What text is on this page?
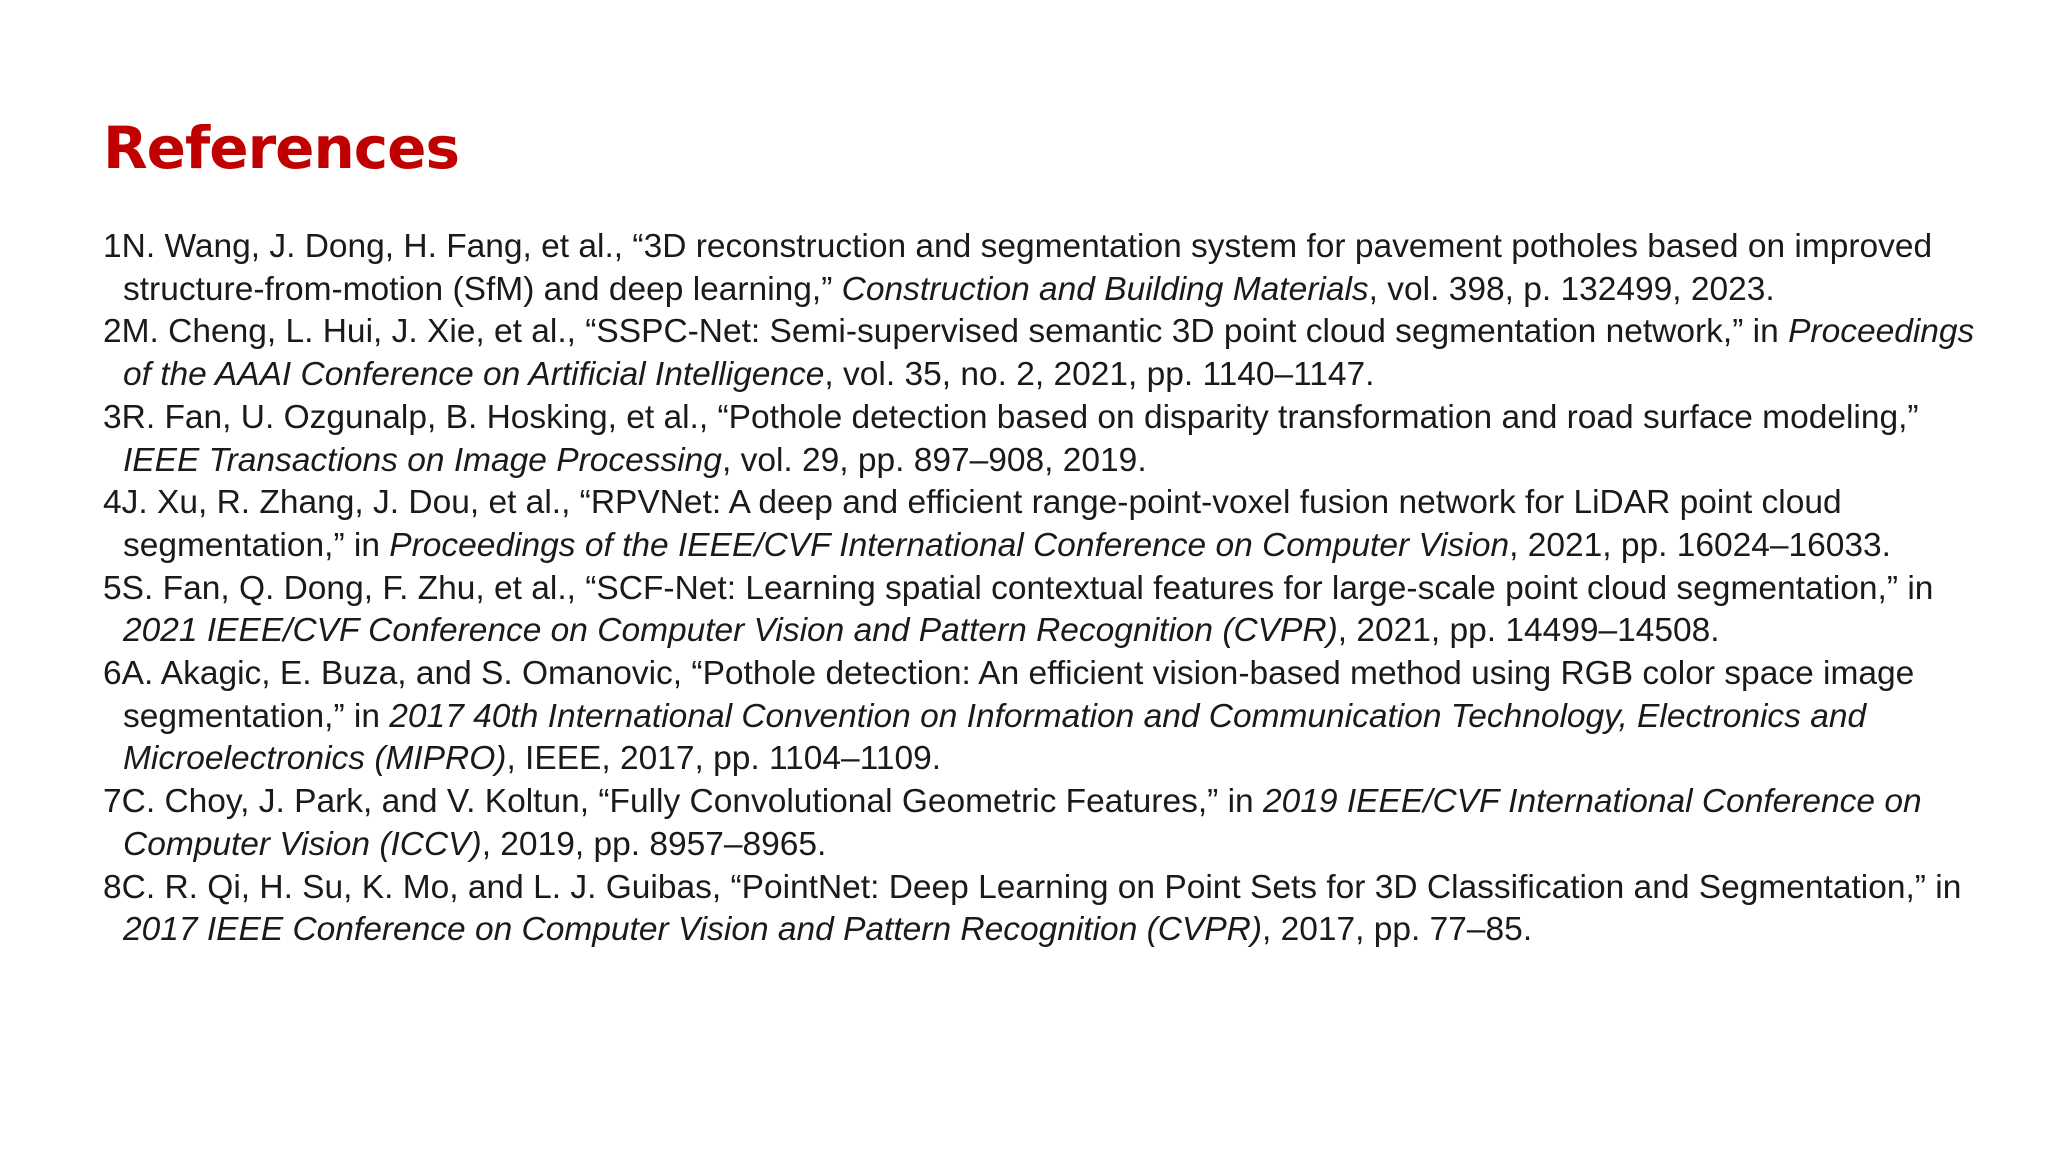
References
1N. Wang, J. Dong, H. Fang, et al., “3D reconstruction and segmentation system for pavement potholes based on improved structure-from-motion (SfM) and deep learning,” Construction and Building Materials, vol. 398, p. 132499, 2023.
2M. Cheng, L. Hui, J. Xie, et al., “SSPC-Net: Semi-supervised semantic 3D point cloud segmentation network,” in Proceedings of the AAAI Conference on Artificial Intelligence, vol. 35, no. 2, 2021, pp. 1140–1147.
3R. Fan, U. Ozgunalp, B. Hosking, et al., “Pothole detection based on disparity transformation and road surface modeling,” IEEE Transactions on Image Processing, vol. 29, pp. 897–908, 2019.
4J. Xu, R. Zhang, J. Dou, et al., “RPVNet: A deep and efficient range-point-voxel fusion network for LiDAR point cloud segmentation,” in Proceedings of the IEEE/CVF International Conference on Computer Vision, 2021, pp. 16024–16033.
5S. Fan, Q. Dong, F. Zhu, et al., “SCF-Net: Learning spatial contextual features for large-scale point cloud segmentation,” in 2021 IEEE/CVF Conference on Computer Vision and Pattern Recognition (CVPR), 2021, pp. 14499–14508.
6A. Akagic, E. Buza, and S. Omanovic, “Pothole detection: An efficient vision-based method using RGB color space image segmentation,” in 2017 40th International Convention on Information and Communication Technology, Electronics and Microelectronics (MIPRO), IEEE, 2017, pp. 1104–1109.
7C. Choy, J. Park, and V. Koltun, “Fully Convolutional Geometric Features,” in 2019 IEEE/CVF International Conference on Computer Vision (ICCV), 2019, pp. 8957–8965.
8C. R. Qi, H. Su, K. Mo, and L. J. Guibas, “PointNet: Deep Learning on Point Sets for 3D Classification and Segmentation,” in 2017 IEEE Conference on Computer Vision and Pattern Recognition (CVPR), 2017, pp. 77–85.
